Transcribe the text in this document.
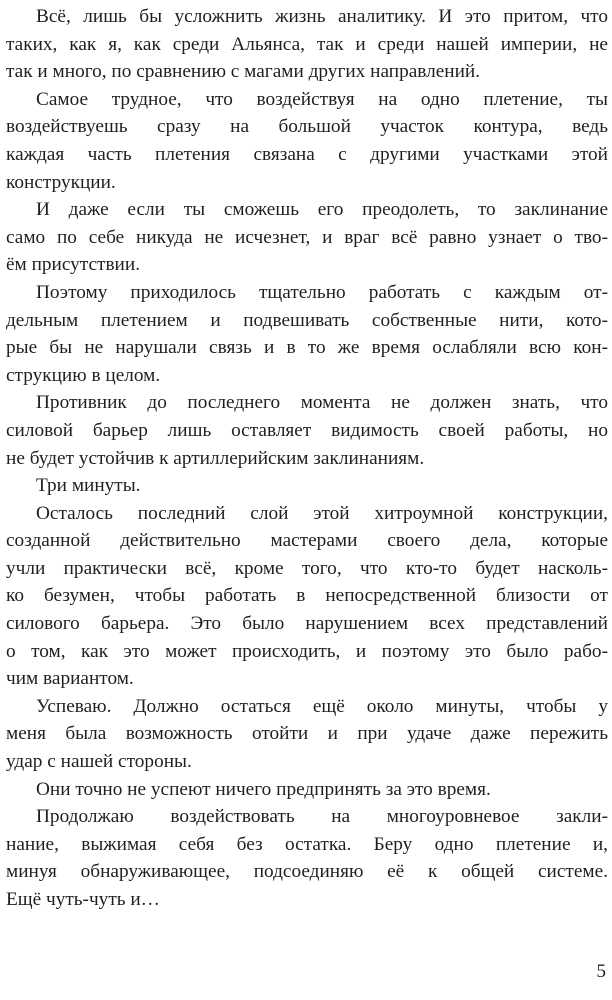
Всё, лишь бы усложнить жизнь аналитику. И это притом, что
таких, как я, как среди Альянса, так и среди нашей империи, не
так и много, по сравнению с магами других направлений.
Самое трудное, что воздействуя на одно плетение, ты
воздействуешь сразу на большой участок контура, ведь
каждая часть плетения связана с другими участками этой
конструкции.
И даже если ты сможешь его преодолеть, то заклинание
само по себе никуда не исчезнет, и враг всё равно узнает о тво-
ём присутствии.
Поэтому приходилось тщательно работать с каждым от-
дельным плетением и подвешивать собственные нити, кото-
рые бы не нарушали связь и в то же время ослабляли всю кон-
струкцию в целом.
Противник до последнего момента не должен знать, что
силовой барьер лишь оставляет видимость своей работы, но
не будет устойчив к артиллерийским заклинаниям.
Три минуты.
Осталось последний слой этой хитроумной конструкции,
созданной действительно мастерами своего дела, которые
учли практически всё, кроме того, что кто-то будет насколь-
ко безумен, чтобы работать в непосредственной близости от
силового барьера. Это было нарушением всех представлений
о том, как это может происходить, и поэтому это было рабо-
чим вариантом.
Успеваю. Должно остаться ещё около минуты, чтобы у
меня была возможность отойти и при удаче даже пережить
удар с нашей стороны.
Они точно не успеют ничего предпринять за это время.
Продолжаю воздействовать на многоуровневое закли-
нание, выжимая себя без остатка. Беру одно плетение и,
минуя обнаруживающее, подсоединяю её к общей системе.
Ещё чуть-чуть и…
5
